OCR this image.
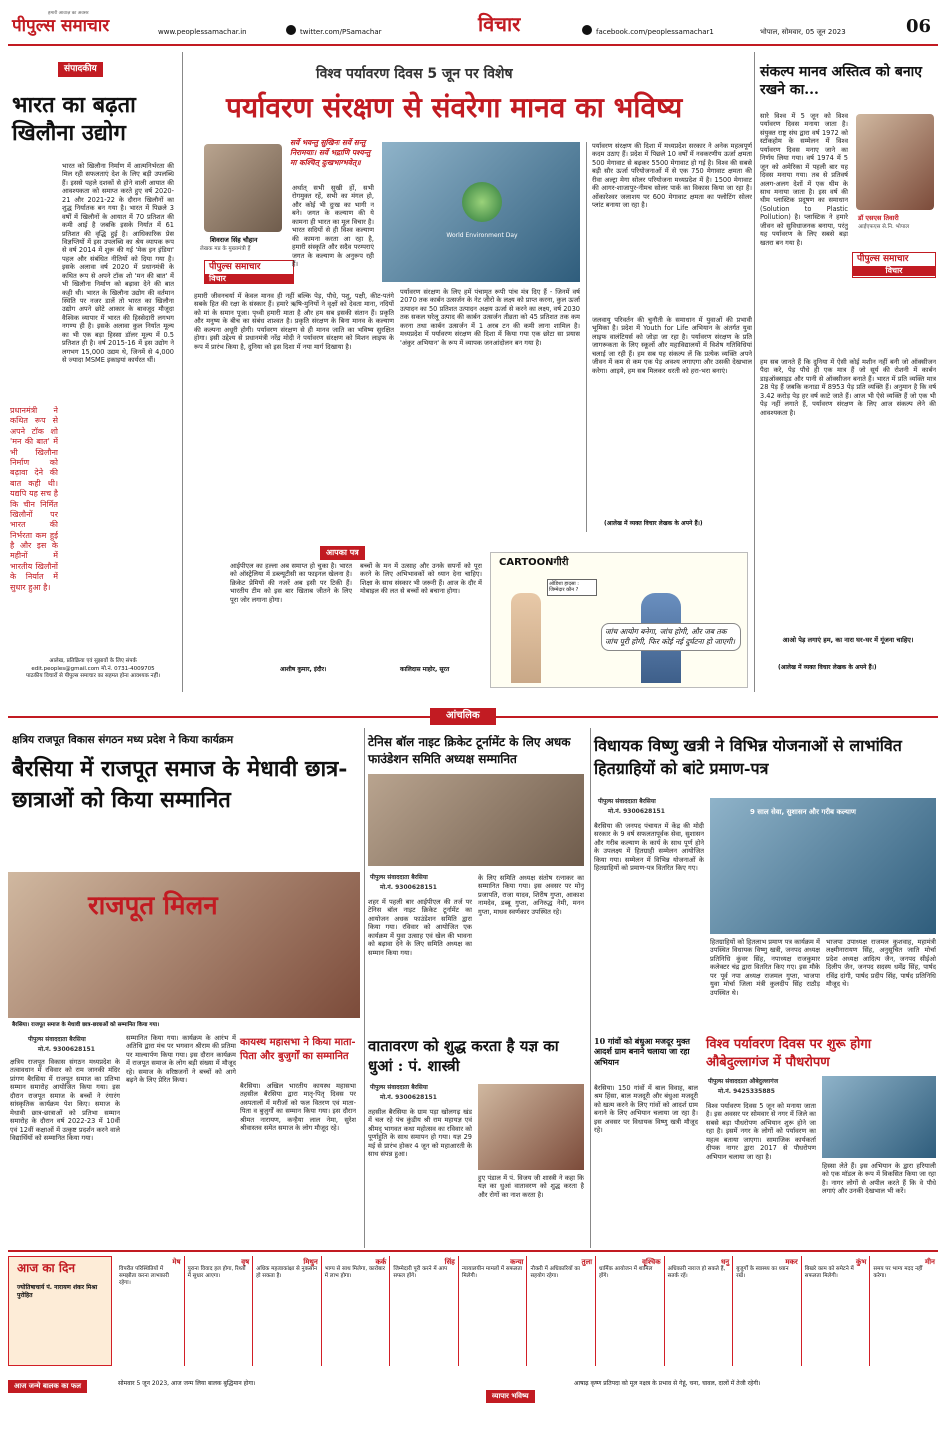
पीपुल्स समाचार
हमारी आवाज़ का अवसर
www.peoplessamachar.in	twitter.com/PSamachar	विचार	facebook.com/peoplessamachar1	भोपाल, सोमवार, 05 जून 2023	06
संपादकीय
भारत का बढ़ता खिलौना उद्योग
भारत को खिलौना निर्माण में आत्मनिर्भरता की मिल रही सफलताएं देश के लिए बड़ी उपलब्धि हैं। इससे पहले दशकों से होने वाली आयात की आवश्यकता को समाप्त करते हुए वर्ष 2020-21 और 2021-22 के दौरान खिलौनों का शुद्ध निर्यातक बन गया है। भारत में पिछले 3 वर्षों में खिलौनों के आयात में 70 प्रतिशत की कमी आई है जबकि इसके निर्यात में 61 प्रतिशत की वृद्धि हुई है। आधिकारिक प्रेस विज्ञप्तियों में इस उपलब्धि का श्रेय व्यापक रूप से वर्ष 2014 में शुरू की गई 'मेक इन इंडिया' पहल और संबंधित नीतियों को दिया गया है। इसके अलावा वर्ष 2020 में प्रधानमंत्री के कथित रूप से अपने टॉक शो 'मन की बात' में भी खिलौना निर्माण को बढ़ावा देने की बात कही थी। भारत के खिलौना उद्योग की वर्तमान स्थिति पर नजर डालें तो भारत का खिलौना उद्योग अपने छोटे आकार के बावजूद मौजूदा वैश्विक व्यापार में भारत की हिस्सेदारी लगभग नगण्य ही है। इसके अलावा कुल निर्यात मूल्य का भी एक बड़ा हिस्सा डॉलर मूल्य में 0.5 प्रतिशत ही है। वर्ष 2015-16 में इस उद्योग ने लगभग 15,000 उद्यम थे, जिनमें से 4,000 से ज्यादा MSME इकाइयां कार्यरत थीं।
प्रधानमंत्री ने कथित रूप से अपने टॉक शो 'मन की बात' में भी खिलौना निर्माण को बढ़ावा देने की बात कही थी। यद्यपि यह सच है कि चीन निर्मित खिलौनों पर भारत की निर्भरता कम हुई है और इस के महीनों में भारतीय खिलौनों के निर्यात में सुधार हुआ है।
आलेख, प्रतिक्रिया एवं सुझावों के लिए संपर्क
edit.peoples@gmail.com मो.नं. 0731-4009705
पाठकीय विचारों से पीपुल्स समाचार का सहमत होना आवश्यक नहीं।
विश्व पर्यावरण दिवस 5 जून पर विशेष
पर्यावरण संरक्षण से संवरेगा मानव का भविष्य
शिवराज सिंह चौहान
लेखक मप्र के मुख्यमंत्री हैं
पीपुल्स समाचार
विचार
सर्वे भवन्तु सुखिनः सर्वे सन्तु निरामयाः। सर्वे भद्राणि पश्यन्तु मा कश्चित् दुःखभाग्भवेत्॥
अर्थात् सभी सुखी हों, सभी रोगमुक्त रहें, सभी का मंगल हो, और कोई भी दुःख का भागी न बने। जगत के कल्याण की ये कामना ही भारत का मूल विचार है। भारत सदियों से ही विश्व कल्याण की कामना करता आ रहा है, हमारी संस्कृति और सदैव परम्पराएं जगत के कल्याण के अनुरूप रही हैं।
World Environment Day
हमारी जीवनचर्या में केवल मानव ही नहीं बल्कि पेड़, पौधे, पशु, पक्षी, कीट-पतंगे सबके हित की रक्षा के संस्कार हैं। हमारे ऋषि-मुनियों ने वृक्षों को देवता माना, नदियों को मां के समान पूजा। पृथ्वी हमारी माता है और हम सब इसकी संतान हैं। प्रकृति और मनुष्य के बीच का संबंध शाश्वत है। प्रकृति संरक्षण के बिना मानव के कल्याण की कल्पना अधूरी होगी। पर्यावरण संरक्षण से ही मानव जाति का भविष्य सुरक्षित होगा। इसी उद्देश्य से प्रधानमंत्री नरेंद्र मोदी ने पर्यावरण संरक्षण को मिशन लाइफ के रूप में प्रारंभ किया है, दुनिया को इस दिशा में नया मार्ग दिखाया है।
पर्यावरण संरक्षण के लिए हमें पंचामृत रूपी पांच मंत्र दिए हैं - जिनमें वर्ष 2070 तक कार्बन उत्सर्जन के नेट जीरो के लक्ष्य को प्राप्त करना, कुल ऊर्जा उत्पादन का 50 प्रतिशत उत्पादन अक्षय ऊर्जा से करने का लक्ष्य, वर्ष 2030 तक सकल घरेलू उत्पाद की कार्बन उत्सर्जन तीव्रता को 45 प्रतिशत तक कम करना तथा कार्बन उत्सर्जन में 1 अरब टन की कमी लाना शामिल है। मध्यप्रदेश में पर्यावरण संरक्षण की दिशा में किया गया एक छोटा सा प्रयास 'अंकुर अभियान' के रूप में व्यापक जनआंदोलन बन गया है।
पर्यावरण संरक्षण की दिशा में मध्यप्रदेश सरकार ने अनेक महत्वपूर्ण कदम उठाए हैं। प्रदेश में पिछले 10 वर्षों में नवकरणीय ऊर्जा क्षमता 500 मेगावाट से बढ़कर 5500 मेगावाट हो गई है। विश्व की सबसे बड़ी सौर ऊर्जा परियोजनाओं में से एक 750 मेगावाट क्षमता की रीवा अल्ट्रा मेगा सोलर परियोजना मध्यप्रदेश में है। 1500 मेगावाट की आगर-शाजापुर-नीमच सोलर पार्क का विकास किया जा रहा है। ओंकारेश्वर जलाशय पर 600 मेगावाट क्षमता का फ्लोटिंग सोलर प्लांट बनाया जा रहा है।
जलवायु परिवर्तन की चुनौती के समाधान में युवाओं की प्रभावी भूमिका है। प्रदेश में Youth for Life अभियान के अंतर्गत युवा लाइफ वालंटियर्स को जोड़ा जा रहा है। पर्यावरण संरक्षण के प्रति जागरूकता के लिए स्कूलों और महाविद्यालयों में विशेष गतिविधियां चलाई जा रही हैं। हम सब यह संकल्प लें कि प्रत्येक व्यक्ति अपने जीवन में कम से कम एक पेड़ अवश्य लगाएगा और उसकी देखभाल करेगा। आइये, हम सब मिलकर धरती को हरा-भरा बनाएं।
(आलेख में व्यक्त विचार लेखक के अपने हैं।)
संकल्प मानव अस्तित्व को बनाए रखने का...
सारे विश्व में 5 जून को विश्व पर्यावरण दिवस मनाया जाता है। संयुक्त राष्ट्र संघ द्वारा वर्ष 1972 को स्टॉकहोम के सम्मेलन में विश्व पर्यावरण दिवस मनाए जाने का निर्णय लिया गया। वर्ष 1974 में 5 जून को अमेरिका में पहली बार यह दिवस मनाया गया। तब से प्रतिवर्ष अलग-अलग देशों में एक थीम के साथ मनाया जाता है। इस वर्ष की थीम प्लास्टिक प्रदूषण का समाधान (Solution to Plastic Pollution) है। प्लास्टिक ने हमारे जीवन को सुविधाजनक बनाया, परंतु यह पर्यावरण के लिए सबसे बड़ा खतरा बन गया है।
डॉ एसएस तिवारी
आईएफएस से.नि. भोपाल
पीपुल्स समाचार
विचार
हम सब जानते हैं कि दुनिया में ऐसी कोई मशीन नहीं बनी जो ऑक्सीजन पैदा करे, पेड़ पौधे ही एक मात्र हैं जो सूर्य की रोशनी में कार्बन डाइऑक्साइड और पानी से ऑक्सीजन बनाते हैं। भारत में प्रति व्यक्ति मात्र 28 पेड़ हैं जबकि कनाडा में 8953 पेड़ प्रति व्यक्ति हैं। अनुमान है कि वर्ष 3.42 करोड़ पेड़ हर वर्ष काटे जाते हैं। आज भी ऐसे व्यक्ति हैं जो एक भी पेड़ नहीं लगाते हैं, पर्यावरण संरक्षण के लिए आज संकल्प लेने की आवश्यकता है।
आओ पेड़ लगाएं हम, का नारा घर-घर में गूंजना चाहिए।
(आलेख में व्यक्त विचार लेखक के अपने हैं।)
आपका पत्र
आईपीएल का हल्ला अब समाप्त हो चुका है। भारत को ऑस्ट्रेलिया में डब्ल्यूटीसी का फाइनल खेलना है। क्रिकेट प्रेमियों की नजरें अब इसी पर टिकी हैं। भारतीय टीम को इस बार खिताब जीतने के लिए पूरा जोर लगाना होगा।
आशीष कुमार, इंदौर।
बच्चों के मन में उत्साह और उनके सपनों को पूरा करने के लिए अभिभावकों को ध्यान देना चाहिए। शिक्षा के साथ संस्कार भी जरूरी हैं। आज के दौर में मोबाइल की लत से बच्चों को बचाना होगा।
कालिदास माहोर, सूरत
CARTOONगीरी
ओडिशा हादसा : जिम्मेदार कौन ?
जांच आयोग बनेगा, जांच होगी, और जब तक जांच पूरी होगी, फिर कोई नई दुर्घटना हो जाएगी।
आंचलिक
क्षत्रिय राजपूत विकास संगठन मध्य प्रदेश ने किया कार्यक्रम
बैरसिया में राजपूत समाज के मेधावी छात्र-छात्राओं को किया सम्मानित
राजपूत मिलन
बैरसिया। राजपूत समाज के मेधावी छात्र-छात्राओं को सम्मानित किया गया।
पीपुल्स संवाददाता बैरसिया
मो.नं. 9300628151
क्षत्रिय राजपूत विकास संगठन मध्यप्रदेश के तत्वावधान में रविवार को राम जानकी मंदिर प्रांगण बैरसिया में राजपूत समाज का प्रतिभा सम्मान समारोह आयोजित किया गया। इस दौरान राजपूत समाज के बच्चों ने रंगारंग सांस्कृतिक कार्यक्रम पेश किए। समाज के मेधावी छात्र-छात्राओं को प्रतिभा सम्मान समारोह के दौरान वर्ष 2022-23 में 10वीं एवं 12वीं कक्षाओं में उत्कृष्ट प्रदर्शन करने वाले विद्यार्थियों को सम्मानित किया गया।
सम्मानित किया गया। कार्यक्रम के आरंभ में अतिथि द्वारा मंच पर भगवान श्रीराम की प्रतिमा पर माल्यार्पण किया गया। इस दौरान कार्यक्रम में राजपूत समाज के लोग बड़ी संख्या में मौजूद रहे। समाज के वरिष्ठजनों ने बच्चों को आगे बढ़ने के लिए प्रेरित किया।
टेनिस बॉल नाइट क्रिकेट टूर्नामेंट के लिए अधक फाउंडेशन समिति अध्यक्ष सम्मानित
पीपुल्स संवाददाता बैरसिया
मो.नं. 9300628151
शहर में पहली बार आईपीएल की तर्ज पर टेनिस बॉल नाइट क्रिकेट टूर्नामेंट का आयोजन अधक फाउंडेशन समिति द्वारा किया गया। रविवार को आयोजित एक कार्यक्रम में युवा उत्साह एवं खेल की भावना को बढ़ावा देने के लिए समिति अध्यक्ष का सम्मान किया गया।
के लिए समिति अध्यक्ष संतोष रत्नाकर का सम्मानित किया गया। इस अवसर पर मोनू प्रजापति, राजा यादव, शिरीष गुप्ता, आकाश नामदेव, डब्बू गुप्ता, अनिरुद्ध नेमी, मनन गुप्ता, माधव स्वर्णकार उपस्थित रहे।
कायस्थ महासभा ने किया माता-पिता और बुजुर्गों का सम्मानित
बैरसिया। अखिल भारतीय कायस्थ महासभा तहसील बैरसिया द्वारा मातृ-पितृ दिवस पर अस्पतालों में मरीजों को फल वितरण एवं माता-पिता व बुजुर्गों का सम्मान किया गया। इस दौरान श्रीमत नारायण, कन्हैया लाल नेमा, सुरेश श्रीवास्तव समेत समाज के लोग मौजूद रहे।
वातावरण को शुद्ध करता है यज्ञ का धुआं : पं. शास्त्री
पीपुल्स संवाददाता बैरसिया
मो.नं. 9300628151
तहसील बैरसिया के ग्राम पड़ा खोलगढ़ खंड में चल रहे पंच कुंडीय श्री राम महायज्ञ एवं श्रीमद् भागवत कथा महोत्सव का रविवार को पूर्णाहुति के साथ समापन हो गया। यज्ञ 29 मई से प्रारंभ होकर 4 जून को महाआरती के साथ संपन्न हुआ।
हुए पंडाल में पं. विजय जी शास्त्री ने कहा कि यज्ञ का धुआं वातावरण को शुद्ध करता है और रोगों का नाश करता है।
विधायक विष्णु खत्री ने विभिन्न योजनाओं से लाभांवित हितग्राहियों को बांटे प्रमाण-पत्र
पीपुल्स संवाददाता बैरसिया
मो.नं. 9300628151
बैरसिया की जनपद पंचायत में केंद्र की मोदी सरकार के 9 वर्ष सफलतापूर्वक सेवा, सुशासन और गरीब कल्याण के कार्य के साथ पूर्ण होने के उपलक्ष्य में हितग्राही सम्मेलन आयोजित किया गया। सम्मेलन में विभिन्न योजनाओं के हितग्राहियों को प्रमाण-पत्र वितरित किए गए।
9 साल सेवा, सुशासन और गरीब कल्याण
हितग्राहियों को हितलाभ प्रमाण पत्र कार्यक्रम में उपस्थित विधायक विष्णु खत्री, जनपद अध्यक्ष प्रतिनिधि कुंवर सिंह, नपाध्यक्ष राजकुमार कलेक्टर चंद्र द्वारा वितरित किए गए। इस मौके पर पूर्व नपा अध्यक्ष राजमल गुप्ता, भाजपा युवा मोर्चा जिला मंत्री कुलदीप सिंह राठौड़ उपस्थित थे।
भाजपा उपाध्यक्ष राजमल कुशवाह, महामंत्री लक्ष्मीनारायण सिंह, अनुसूचित जाति मोर्चा प्रदेश अध्यक्ष आदित्य जैन, जनपद सीईओ दिलीप जैन, जनपद सदस्य धर्मेंद्र सिंह, पार्षद रविंद्र दांगी, पार्षद प्रदीप सिंह, पार्षद प्रतिनिधि मौजूद थे।
10 गांवों को बंधुआ मजदूर मुक्त आदर्श ग्राम बनाने चलाया जा रहा अभियान
बैरसिया। 150 गांवों में बाल विवाह, बाल श्रम हिंसा, बाल मजदूरी और बंधुआ मजदूरी को खत्म करने के लिए गांवों को आदर्श ग्राम बनाने के लिए अभियान चलाया जा रहा है। इस अवसर पर विधायक विष्णु खत्री मौजूद रहे।
विश्व पर्यावरण दिवस पर शुरू होगा औबेदुल्लागंज में पौधरोपण
पीपुल्स संवाददाता औबेदुल्लागंज
मो.नं. 9425335885
विश्व पर्यावरण दिवस 5 जून को मनाया जाता है। इस अवसर पर सोमवार से नगर में जिले का सबसे बड़ा पौधरोपण अभियान शुरू होने जा रहा है। इसमें नगर के लोगों को पर्यावरण का महत्व बताया जाएगा। सामाजिक कार्यकर्ता दीपक नागर द्वारा 2017 से पौधरोपण अभियान चलाया जा रहा है।
हिस्सा लेते हैं। इस अभियान के द्वारा हरियाली को एक मॉडल के रूप में विकसित किया जा रहा है। नागर लोगों से अपील करते हैं कि वे पौधे लगाएं और उनकी देखभाल भी करें।
आज का दिन
ज्योतिषाचार्य पं. नारायण शंकर मिश्रा पुरोहित
मेष
विपरीत परिस्थितियों में समझौता करना लाभकारी रहेगा।
वृष
पुराना विवाद हल होगा, रिश्तों में सुधार आएगा।
मिथुन
अधिक महत्वाकांक्षा से नुकसान हो सकता है।
कर्क
भाग्य से साथ मिलेगा, कारोबार में लाभ होगा।
सिंह
जिम्मेदारी पूरी करने में आप सफल होंगे।
कन्या
न्यायालयीन मामलों में सफलता मिलेगी।
तुला
नौकरी में अधिकारियों का सहयोग रहेगा।
वृश्चिक
धार्मिक आयोजन में शामिल होंगे।
धनु
अधिकारी नाराज हो सकते हैं, सतर्क रहें।
मकर
बुजुर्गों के स्वास्थ्य का ध्यान रखें।
कुंभ
बिखरे काम को समेटने में सफलता मिलेगी।
मीन
समय पर भाग्य मदद नहीं करेगा।
आज जन्मे बालक का फल	सोमवार 5 जून 2023, आज जन्म लिया बालक बुद्धिमान होगा।
व्यापार भविष्य
आषाढ़ कृष्ण प्रतिपदा को मूल नक्षत्र के प्रभाव से गेहूं, चना, चावल, दालों में तेजी रहेगी।
